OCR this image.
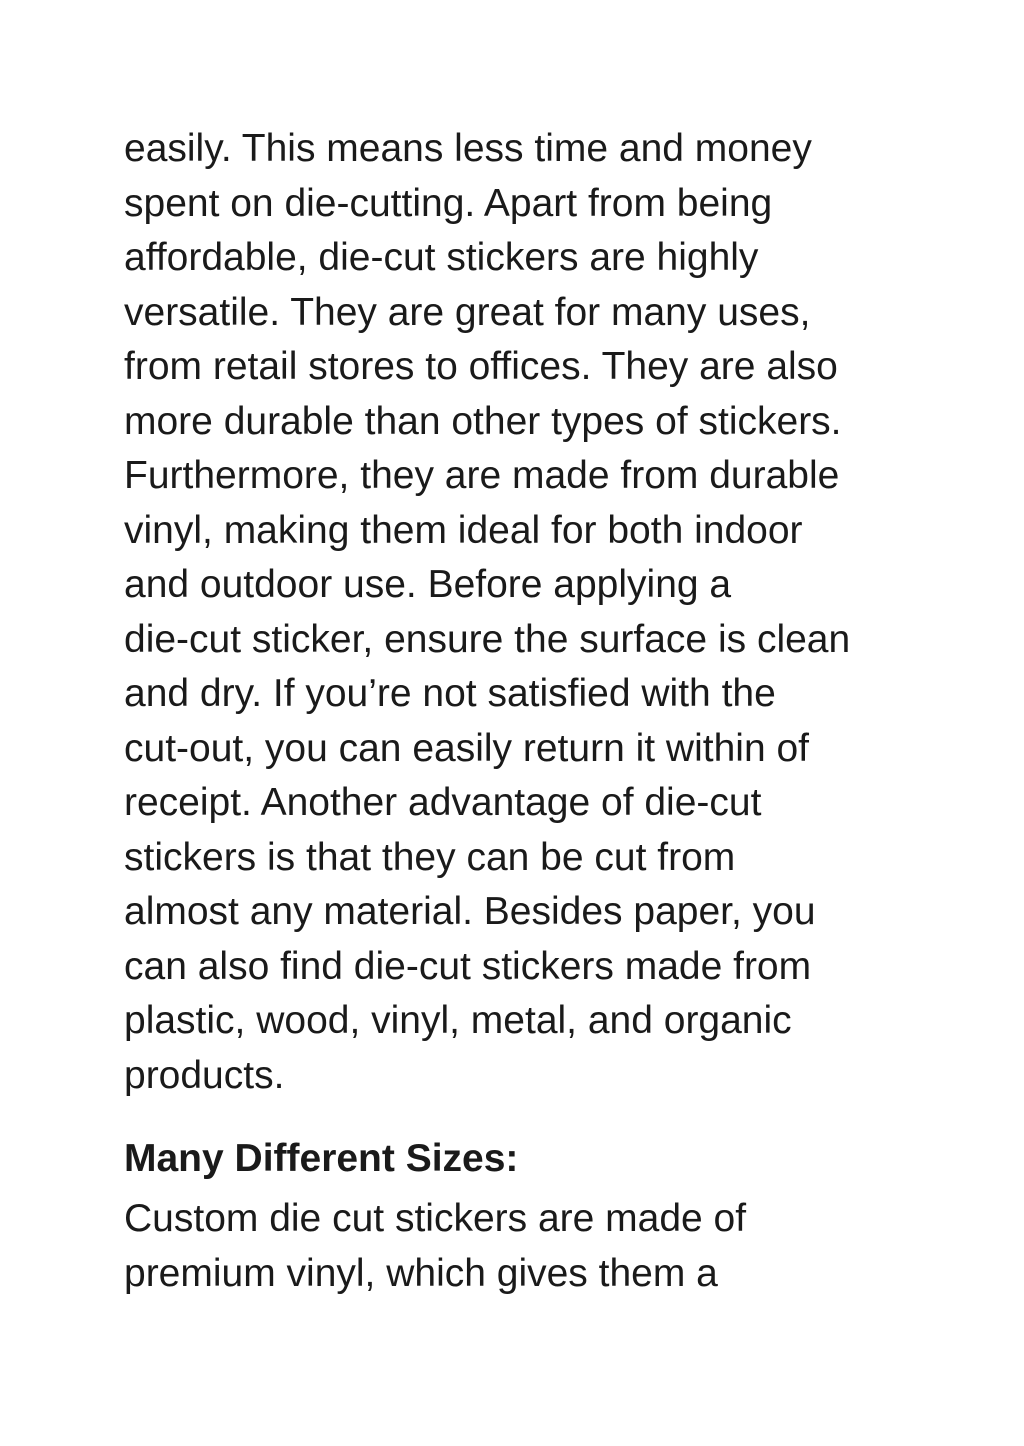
easily. This means less time and money
spent on die-cutting. Apart from being
affordable, die-cut stickers are highly
versatile. They are great for many uses,
from retail stores to offices. They are also
more durable than other types of stickers.
Furthermore, they are made from durable
vinyl, making them ideal for both indoor
and outdoor use. Before applying a
die-cut sticker, ensure the surface is clean
and dry. If you’re not satisfied with the
cut-out, you can easily return it within of
receipt. Another advantage of die-cut
stickers is that they can be cut from
almost any material. Besides paper, you
can also find die-cut stickers made from
plastic, wood, vinyl, metal, and organic
products.

Many Different Sizes:

Custom die cut stickers are made of
premium vinyl, which gives them a
